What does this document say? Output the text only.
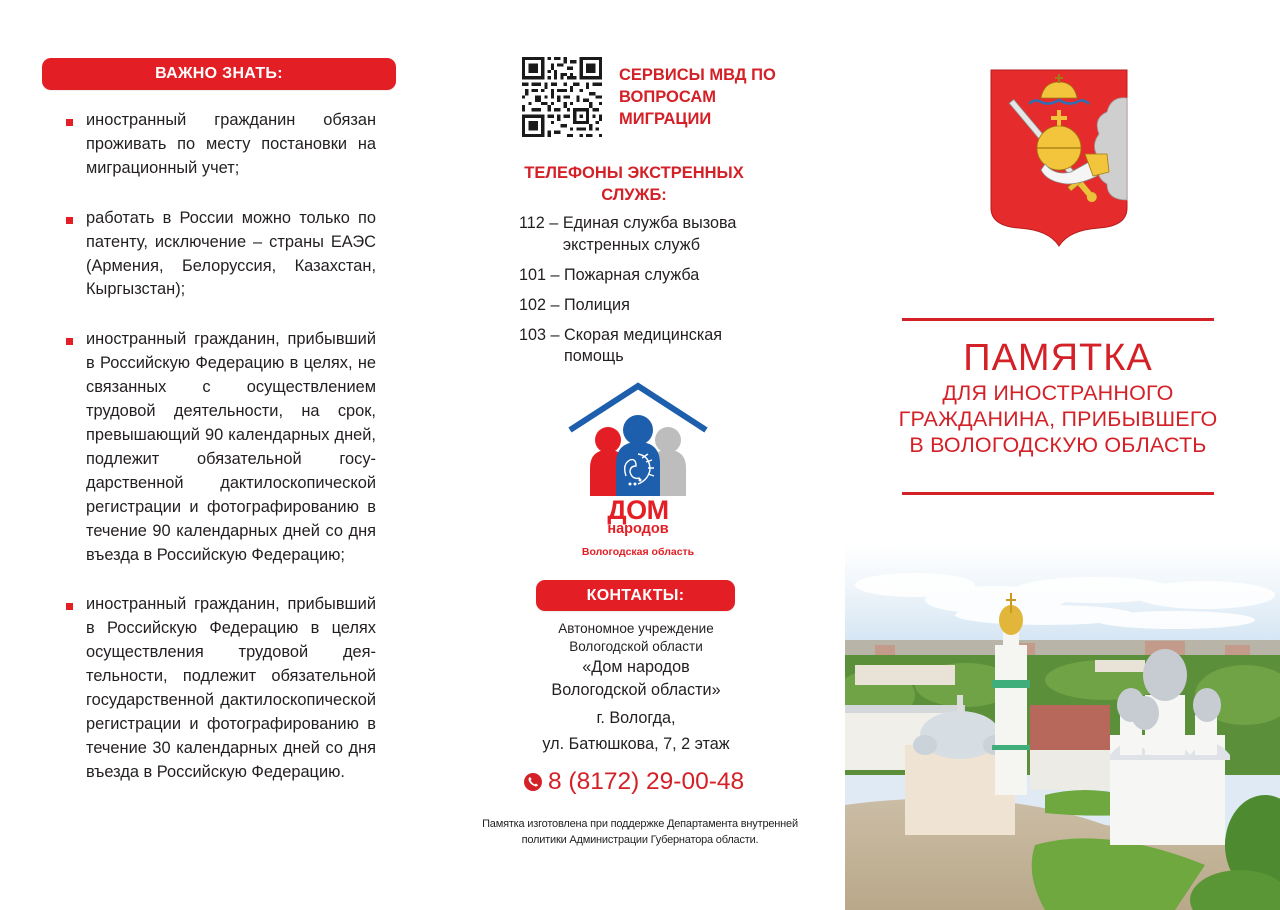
ВАЖНО ЗНАТЬ:
иностранный гражданин обязан проживать по месту постановки на миграционный учет;
работать в России можно только по патенту, исключение – страны ЕАЭС (Армения, Белоруссия, Казахстан, Кыргызстан);
иностранный гражданин, прибывший в Российскую Федерацию в целях, не связанных с осуществлением трудовой деятельности, на срок, превышающий 90 календарных дней, подлежит обязательной государственной дактилоскопической регистрации и фотографированию в течение 90 календарных дней со дня въезда в Российскую Федерацию;
иностранный гражданин, прибывший в Российскую Федерацию в целях осуществления трудовой деятельности, подлежит обязательной государственной дактилоскопической регистрации и фотографированию в течение 30 календарных дней со дня въезда в Российскую Федерацию.
СЕРВИСЫ МВД ПО ВОПРОСАМ МИГРАЦИИ
ТЕЛЕФОНЫ ЭКСТРЕННЫХ СЛУЖБ:
112 – Единая служба вызова экстренных служб
101 – Пожарная служба
102 – Полиция
103 – Скорая медицинская помощь
ДОМ
народов
Вологодская область
КОНТАКТЫ:
Автономное учреждение
Вологодской области
«Дом народов
Вологодской области»
г. Вологда,
ул. Батюшкова, 7, 2 этаж
8 (8172) 29-00-48
Памятка изготовлена при поддержке Департамента внутренней
политики Администрации Губернатора области.
ПАМЯТКА
ДЛЯ ИНОСТРАННОГО
ГРАЖДАНИНА, ПРИБЫВШЕГО
В ВОЛОГОДСКУЮ ОБЛАСТЬ
